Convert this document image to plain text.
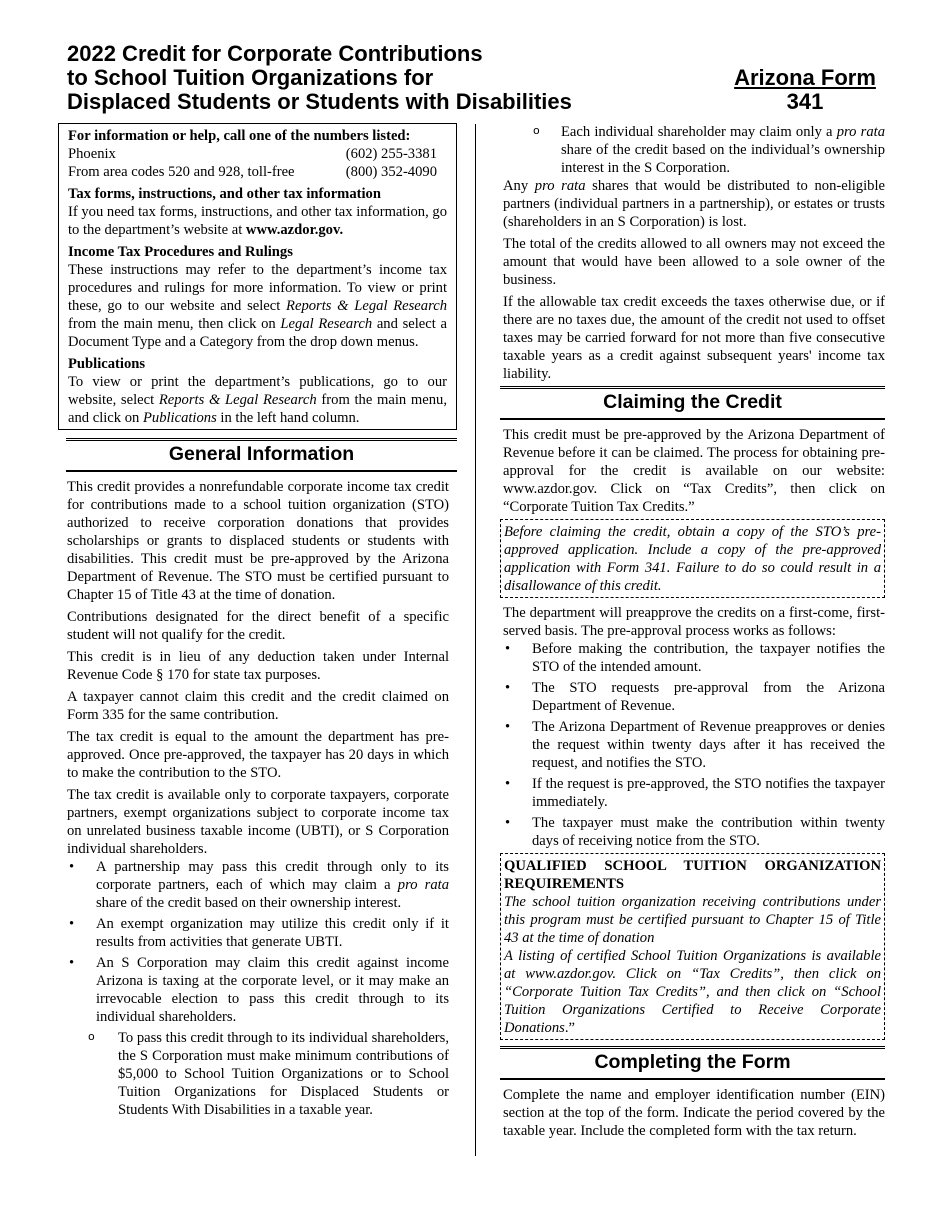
2022 Credit for Corporate Contributions
to School Tuition Organizations for
Displaced Students or Students with Disabilities
Arizona Form
341
For information or help, call one of the numbers listed:
Phoenix	(602) 255-3381
From area codes 520 and 928, toll-free	(800) 352-4090
Tax forms, instructions, and other tax information

If you need tax forms, instructions, and other tax information, go to the department’s website at www.azdor.gov.

Income Tax Procedures and Rulings

These instructions may refer to the department’s income tax procedures and rulings for more information. To view or print these, go to our website and select Reports & Legal Research from the main menu, then click on Legal Research and select a Document Type and a Category from the drop down menus.

Publications

To view or print the department’s publications, go to our website, select Reports & Legal Research from the main menu, and click on Publications in the left hand column.

General Information

This credit provides a nonrefundable corporate income tax credit for contributions made to a school tuition organization (STO) authorized to receive corporation donations that provides scholarships or grants to displaced students or students with disabilities. This credit must be pre-approved by the Arizona Department of Revenue. The STO must be certified pursuant to Chapter 15 of Title 43 at the time of donation.

Contributions designated for the direct benefit of a specific student will not qualify for the credit.

This credit is in lieu of any deduction taken under Internal Revenue Code § 170 for state tax purposes.

A taxpayer cannot claim this credit and the credit claimed on Form 335 for the same contribution.

The tax credit is equal to the amount the department has pre-approved. Once pre-approved, the taxpayer has 20 days in which to make the contribution to the STO.

The tax credit is available only to corporate taxpayers, corporate partners, exempt organizations subject to corporate income tax on unrelated business taxable income (UBTI), or S Corporation individual shareholders.

• A partnership may pass this credit through only to its corporate partners, each of which may claim a pro rata share of the credit based on their ownership interest.
• An exempt organization may utilize this credit only if it results from activities that generate UBTI.
• An S Corporation may claim this credit against income Arizona is taxing at the corporate level, or it may make an irrevocable election to pass this credit through to its individual shareholders.
o To pass this credit through to its individual shareholders, the S Corporation must make minimum contributions of $5,000 to School Tuition Organizations or to School Tuition Organizations for Displaced Students or Students With Disabilities in a taxable year.
o Each individual shareholder may claim only a pro rata share of the credit based on the individual’s ownership interest in the S Corporation.

Any pro rata shares that would be distributed to non-eligible partners (individual partners in a partnership), or estates or trusts (shareholders in an S Corporation) is lost.

The total of the credits allowed to all owners may not exceed the amount that would have been allowed to a sole owner of the business.

If the allowable tax credit exceeds the taxes otherwise due, or if there are no taxes due, the amount of the credit not used to offset taxes may be carried forward for not more than five consecutive taxable years as a credit against subsequent years' income tax liability.

Claiming the Credit

This credit must be pre-approved by the Arizona Department of Revenue before it can be claimed. The process for obtaining pre-approval for the credit is available on our website: www.azdor.gov. Click on “Tax Credits”, then click on “Corporate Tuition Tax Credits.”

Before claiming the credit, obtain a copy of the STO’s pre-approved application. Include a copy of the pre-approved application with Form 341. Failure to do so could result in a disallowance of this credit.

The department will preapprove the credits on a first-come, first-served basis. The pre-approval process works as follows:

• Before making the contribution, the taxpayer notifies the STO of the intended amount.
• The STO requests pre-approval from the Arizona Department of Revenue.
• The Arizona Department of Revenue preapproves or denies the request within twenty days after it has received the request, and notifies the STO.
• If the request is pre-approved, the STO notifies the taxpayer immediately.
• The taxpayer must make the contribution within twenty days of receiving notice from the STO.

QUALIFIED SCHOOL TUITION ORGANIZATION REQUIREMENTS

The school tuition organization receiving contributions under this program must be certified pursuant to Chapter 15 of Title 43 at the time of donation

A listing of certified School Tuition Organizations is available at www.azdor.gov. Click on “Tax Credits”, then click on “Corporate Tuition Tax Credits”, and then click on “School Tuition Organizations Certified to Receive Corporate Donations.”

Completing the Form

Complete the name and employer identification number (EIN) section at the top of the form. Indicate the period covered by the taxable year. Include the completed form with the tax return.
